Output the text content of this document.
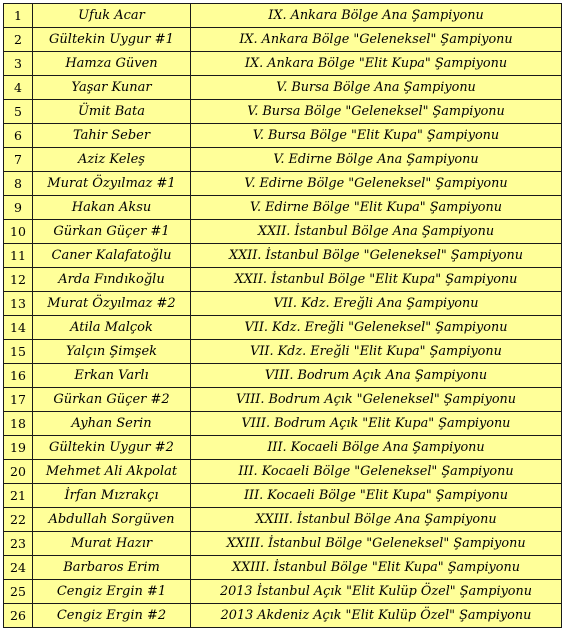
1	Ufuk Acar	IX. Ankara Bölge Ana Şampiyonu
2	Gültekin Uygur #1	IX. Ankara Bölge "Geleneksel" Şampiyonu
3	Hamza Güven	IX. Ankara Bölge "Elit Kupa" Şampiyonu
4	Yaşar Kunar	V. Bursa Bölge Ana Şampiyonu
5	Ümit Bata	V. Bursa Bölge "Geleneksel" Şampiyonu
6	Tahir Seber	V. Bursa Bölge "Elit Kupa" Şampiyonu
7	Aziz Keleş	V. Edirne Bölge Ana Şampiyonu
8	Murat Özyılmaz #1	V. Edirne Bölge "Geleneksel" Şampiyonu
9	Hakan Aksu	V. Edirne Bölge "Elit Kupa" Şampiyonu
10	Gürkan Güçer #1	XXII. İstanbul Bölge Ana Şampiyonu
11	Caner Kalafatoğlu	XXII. İstanbul Bölge "Geleneksel" Şampiyonu
12	Arda Fındıkoğlu	XXII. İstanbul Bölge "Elit Kupa" Şampiyonu
13	Murat Özyılmaz #2	VII. Kdz. Ereğli Ana Şampiyonu
14	Atila Malçok	VII. Kdz. Ereğli "Geleneksel" Şampiyonu
15	Yalçın Şimşek	VII. Kdz. Ereğli "Elit Kupa" Şampiyonu
16	Erkan Varlı	VIII. Bodrum Açık Ana Şampiyonu
17	Gürkan Güçer #2	VIII. Bodrum Açık "Geleneksel" Şampiyonu
18	Ayhan Serin	VIII. Bodrum Açık "Elit Kupa" Şampiyonu
19	Gültekin Uygur #2	III. Kocaeli Bölge Ana Şampiyonu
20	Mehmet Ali Akpolat	III. Kocaeli Bölge "Geleneksel" Şampiyonu
21	İrfan Mızrakçı	III. Kocaeli Bölge "Elit Kupa" Şampiyonu
22	Abdullah Sorgüven	XXIII. İstanbul Bölge Ana Şampiyonu
23	Murat Hazır	XXIII. İstanbul Bölge "Geleneksel" Şampiyonu
24	Barbaros Erim	XXIII. İstanbul Bölge "Elit Kupa" Şampiyonu
25	Cengiz Ergin #1	2013 İstanbul Açık "Elit Kulüp Özel" Şampiyonu
26	Cengiz Ergin #2	2013 Akdeniz Açık "Elit Kulüp Özel" Şampiyonu
